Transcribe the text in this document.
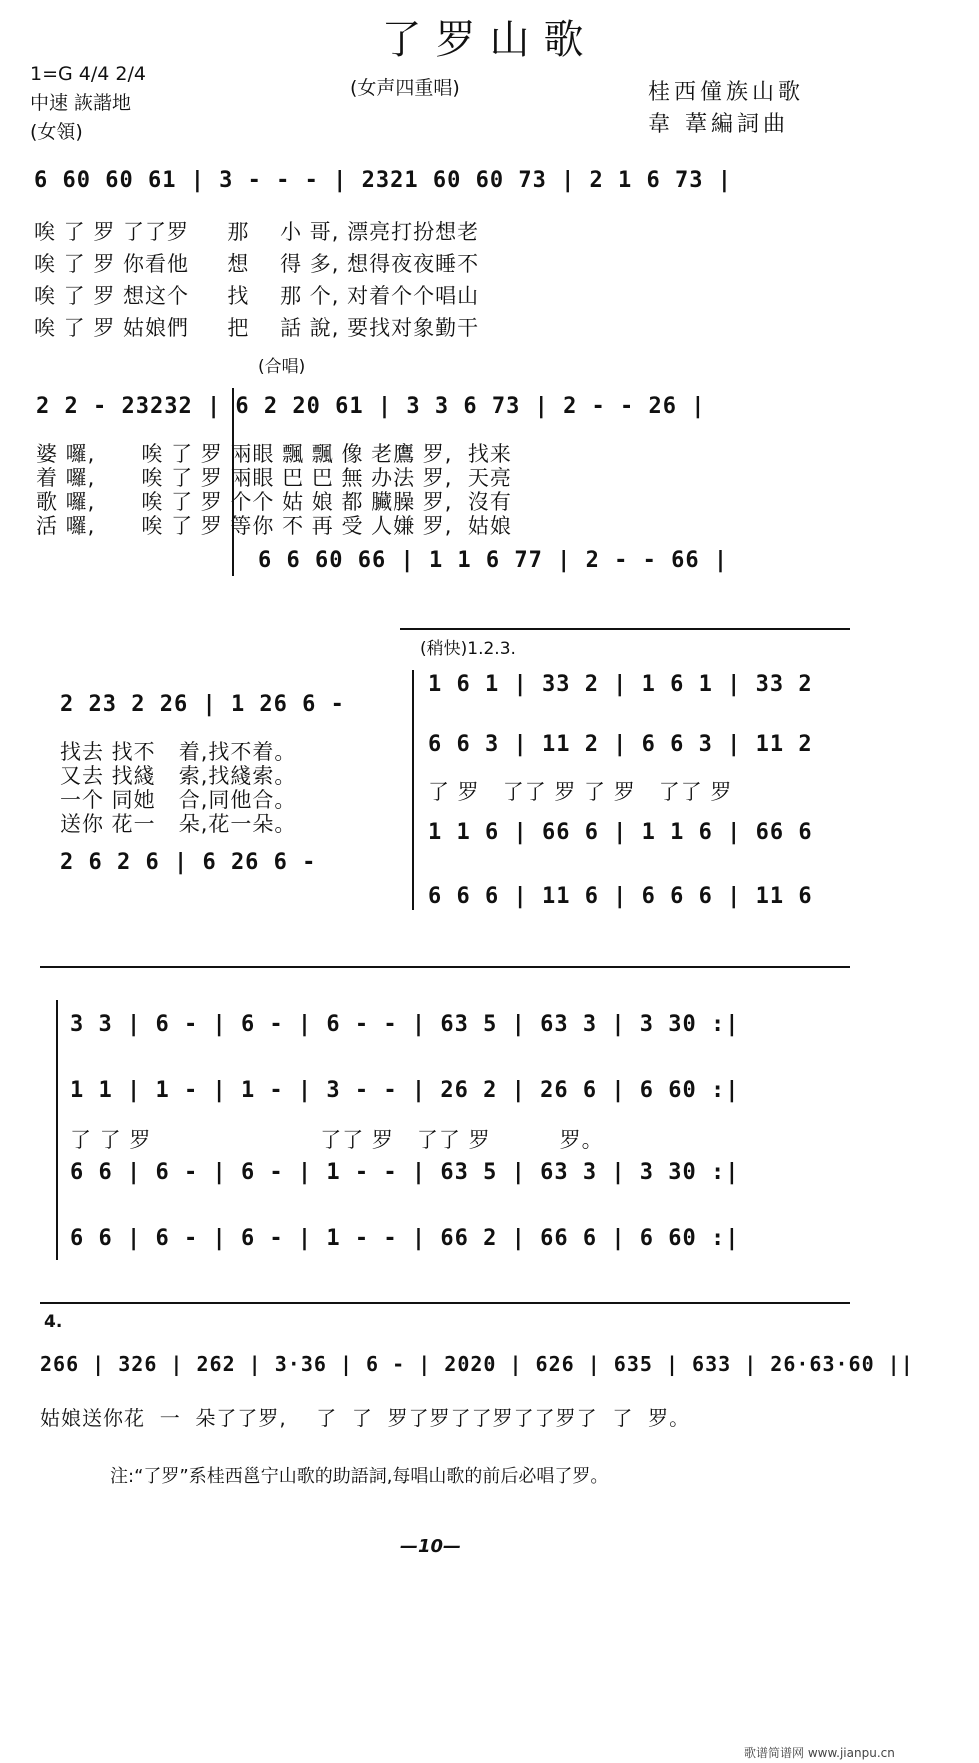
了罗山歌
1=G 4/4 2/4
中速 詼諧地
(女領)
(女声四重唱)	桂西僮族山歌
韋 葦編詞曲
6 60 60 61 | 3 - - - | 2321 60 60 73 | 2 1 6 73 |
唉 了 罗 了了罗     那    小 哥, 漂亮打扮想老
唉 了 罗 你看他     想    得 多, 想得夜夜睡不
唉 了 罗 想这个     找    那 个, 对着个个唱山
唉 了 罗 姑娘們     把    話 說, 要找对象勤干
(合唱)
2 2 - 23232 | 6 2 20 61 | 3 3 6 73 | 2 - - 26 |
婆 囉,      唉 了 罗 兩眼 飄 飄 像 老鷹 罗,  找来
着 囉,      唉 了 罗 兩眼 巴 巴 無 办法 罗,  天亮
歌 囉,      唉 了 罗 个个 姑 娘 都 臟臊 罗,  沒有
活 囉,      唉 了 罗 等你 不 再 受 人嫌 罗,  姑娘
6 6 60 66 | 1 1 6 77 | 2 - - 66 |
(稍快)1.2.3.
2 23 2 26 | 1 26 6 -
找去 找不   着,找不着。
又去 找綫   索,找綫索。
一个 同她   合,同他合。
送你 花一   朵,花一朵。
2 6 2 6 | 6 26 6 -
1 6 1 | 33 2 | 1 6 1 | 33 2
6 6 3 | 11 2 | 6 6 3 | 11 2
了 罗   了了 罗 了 罗   了了 罗
1 1 6 | 66 6 | 1 1 6 | 66 6
6 6 6 | 11 6 | 6 6 6 | 11 6
3 3 | 6 - | 6 - | 6 - - | 63 5 | 63 3 | 3 30 :|
1 1 | 1 - | 1 - | 3 - - | 26 2 | 26 6 | 6 60 :|
了 了 罗                      了了 罗   了了 罗         罗。
6 6 | 6 - | 6 - | 1 - - | 63 5 | 63 3 | 3 30 :|
6 6 | 6 - | 6 - | 1 - - | 66 2 | 66 6 | 6 60 :|
4.
266 | 326 | 262 | 3·36 | 6 - | 2020 | 626 | 635 | 633 | 26·63·60 ||
姑娘送你花  一  朵了了罗,    了  了  罗了罗了了罗了了罗了  了  罗。
注:“了罗”系桂西邕宁山歌的助語詞,每唱山歌的前后必唱了罗。
—10—
歌谱简谱网 www.jianpu.cn
